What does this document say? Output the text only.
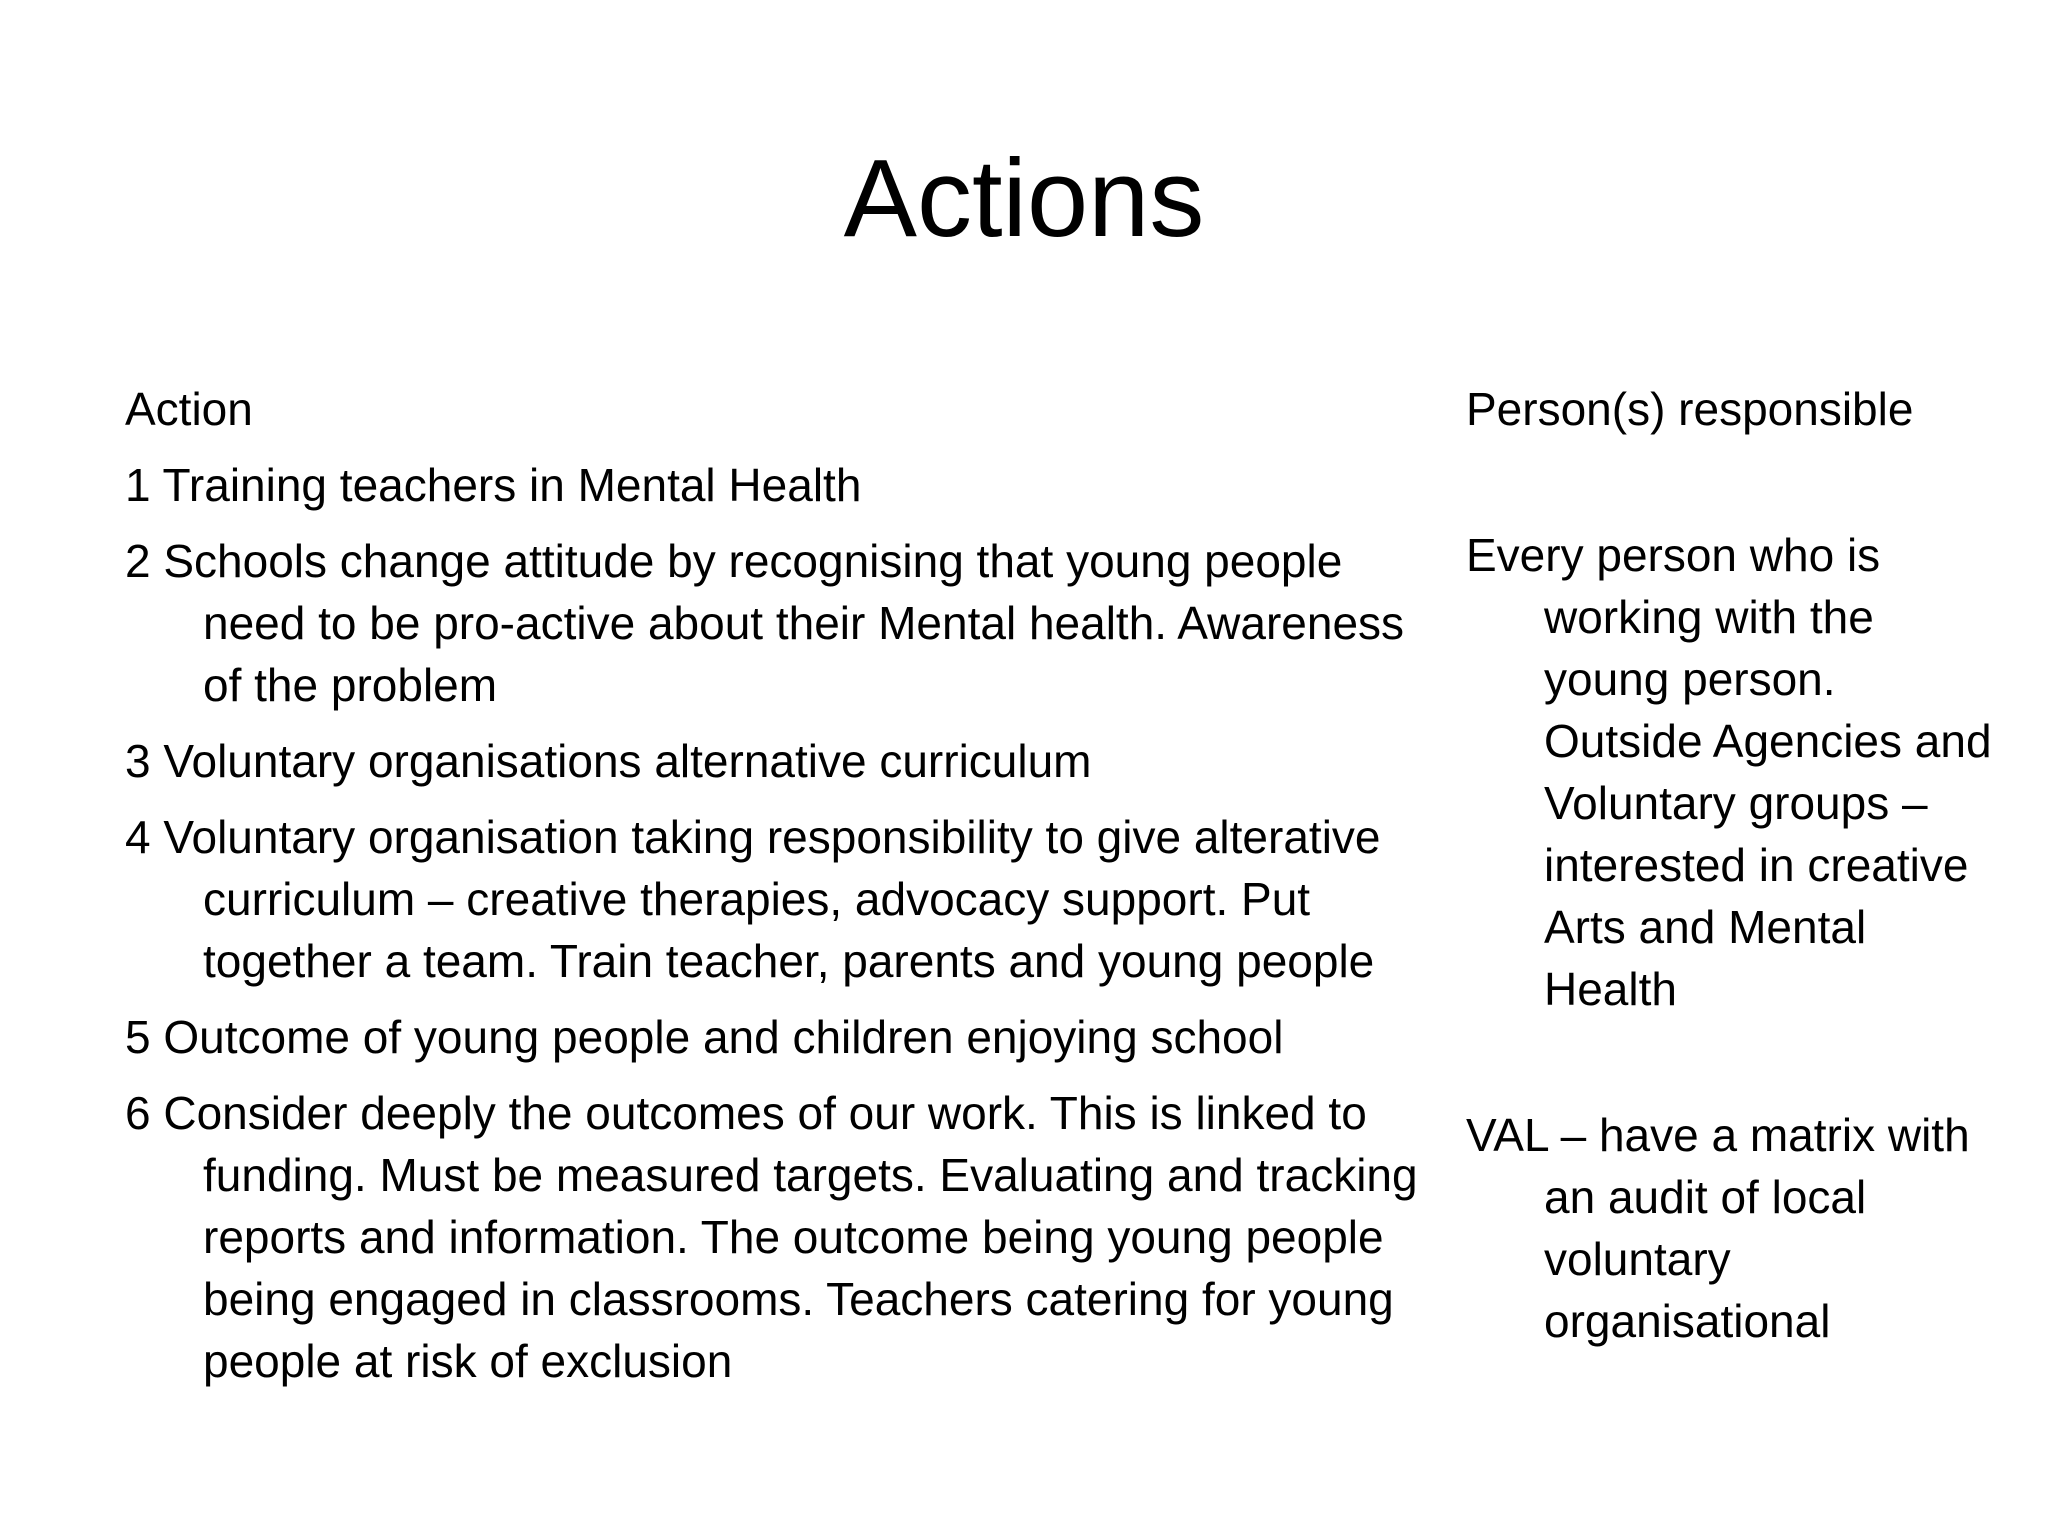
Actions

Action

1 Training teachers in Mental Health

2 Schools change attitude by recognising that young people need to be pro-active about their Mental health. Awareness of the problem

3 Voluntary organisations alternative curriculum

4 Voluntary organisation taking responsibility to give alterative curriculum – creative therapies, advocacy support. Put together a team. Train teacher, parents and young people

5 Outcome of young people and children enjoying school

6 Consider deeply the outcomes of our work. This is linked to funding. Must be measured targets. Evaluating and tracking reports and information. The outcome being young people being engaged in classrooms. Teachers catering for young people at risk of exclusion

Person(s) responsible

Every person who is working with the young person. Outside Agencies and Voluntary groups – interested in creative Arts and Mental Health

VAL – have a matrix with an audit of local voluntary organisational
